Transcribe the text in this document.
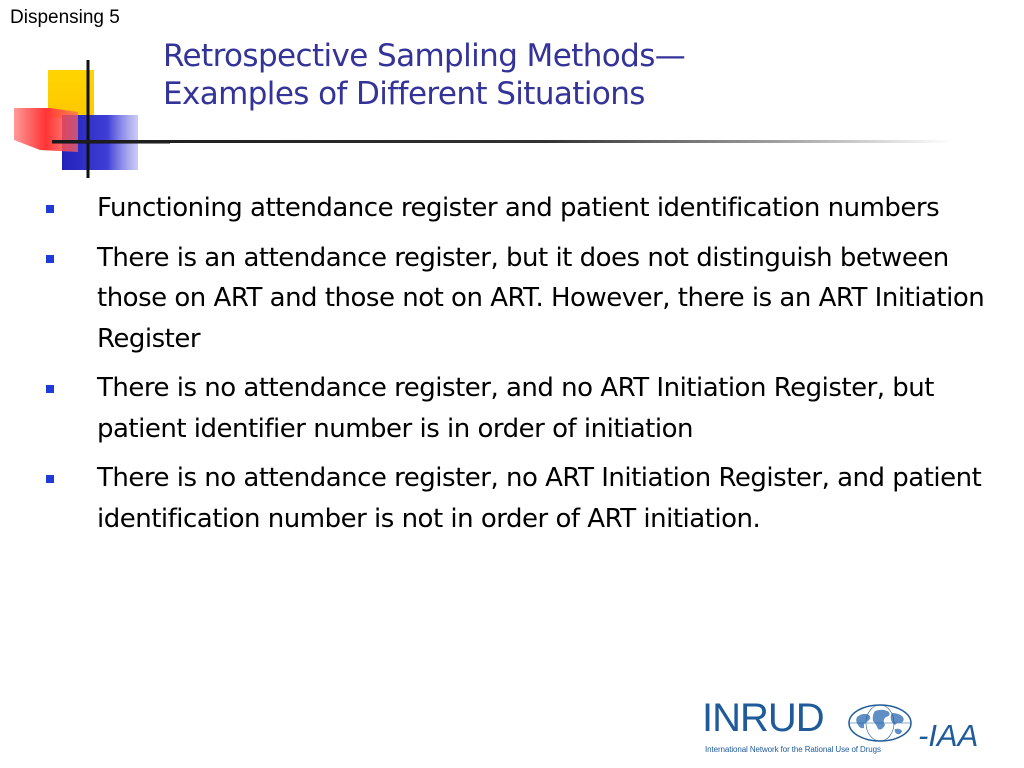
Dispensing 5
Retrospective Sampling Methods—
Examples of Different Situations
Functioning attendance register and patient identification numbers
There is an attendance register, but it does not distinguish between those on ART and those not on ART. However, there is an ART Initiation Register
There is no attendance register, and no ART Initiation Register, but patient identifier number is in order of initiation
There is no attendance register, no ART Initiation Register, and patient identification number is not in order of ART initiation.
INRUD	-IAA
International Network for the Rational Use of Drugs
